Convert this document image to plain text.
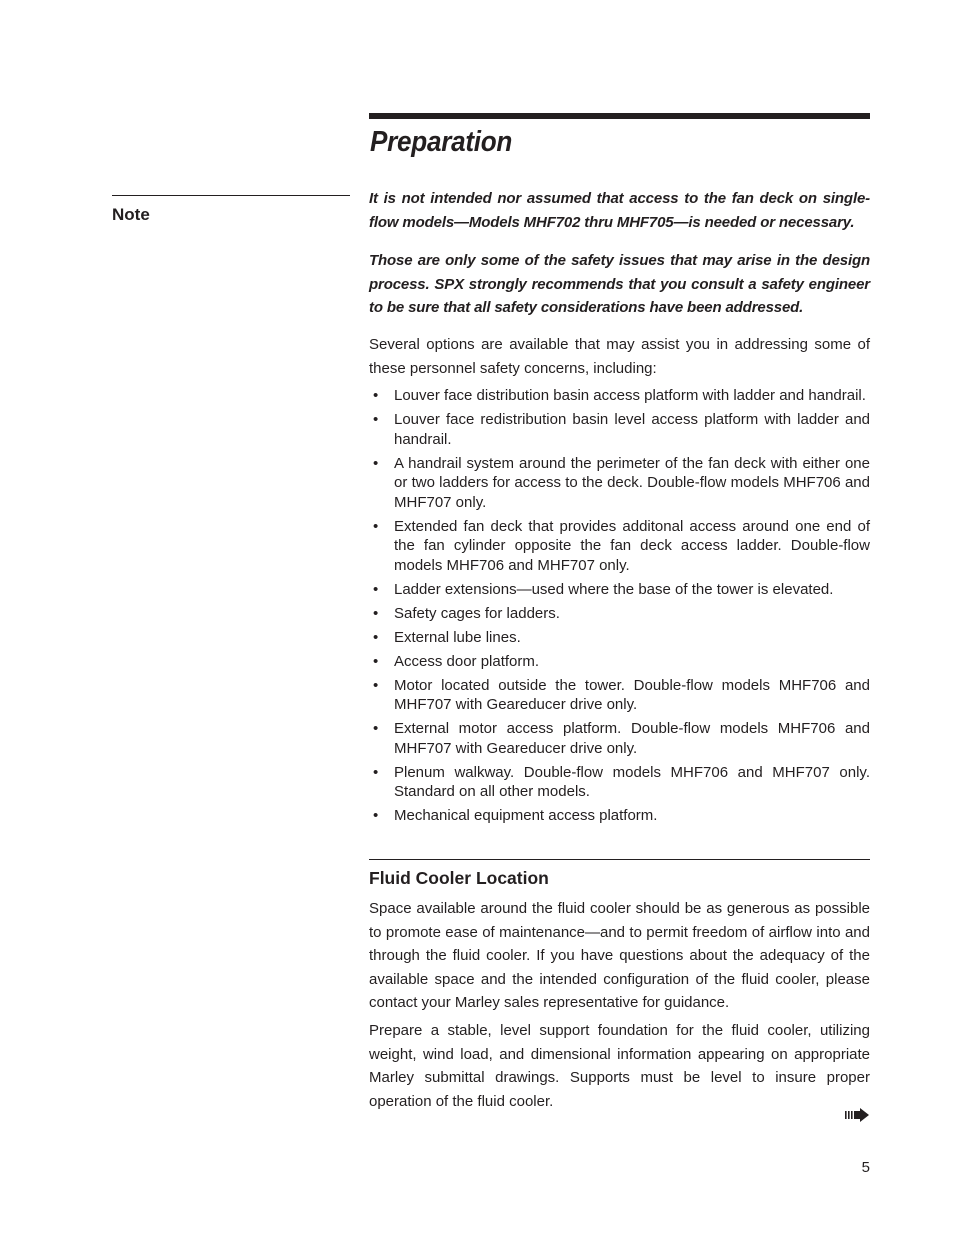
Preparation
Note

It is not intended nor assumed that access to the fan deck on single-flow models—Models MHF702 thru MHF705—is needed or necessary.

Those are only some of the safety issues that may arise in the design process. SPX strongly recommends that you consult a safety engineer to be sure that all safety considerations have been addressed.

Several options are available that may assist you in addressing some of these personnel safety concerns, including:

• Louver face distribution basin access platform with ladder and handrail.
• Louver face redistribution basin level access platform with ladder and handrail.
• A handrail system around the perimeter of the fan deck with either one or two ladders for access to the deck. Double-flow models MHF706 and MHF707 only.
• Extended fan deck that provides additonal access around one end of the fan cylinder opposite the fan deck access ladder. Double-flow models MHF706 and MHF707 only.
• Ladder extensions—used where the base of the tower is elevated.
• Safety cages for ladders.
• External lube lines.
• Access door platform.
• Motor located outside the tower. Double-flow models MHF706 and MHF707 with Geareducer drive only.
• External motor access platform. Double-flow models MHF706 and MHF707 with Geareducer drive only.
• Plenum walkway. Double-flow models MHF706 and MHF707 only. Standard on all other models.
• Mechanical equipment access platform.
Fluid Cooler Location

Space available around the fluid cooler should be as generous as possible to promote ease of maintenance—and to permit freedom of airflow into and through the fluid cooler. If you have questions about the adequacy of the available space and the intended configuration of the fluid cooler, please contact your Marley sales representative for guidance.

Prepare a stable, level support foundation for the fluid cooler, utilizing weight, wind load, and dimensional information appearing on appropriate Marley submittal drawings. Supports must be level to insure proper operation of the fluid cooler.

5
